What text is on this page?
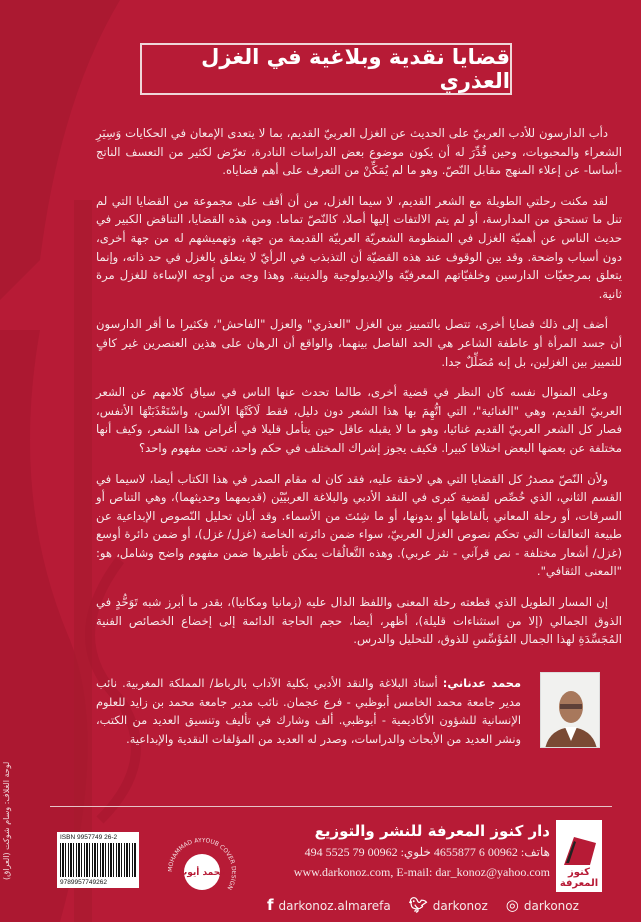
قضايا نقدية وبلاغية في الغزل العذري

دأب الدارسون للأدب العربيّ على الحديث عن الغزل العربيّ القديم، بما لا يتعدى الإمعان في الحكايات وَسِيَرِ الشعراء والمحبوبات، وحين قُدِّرَ له أن يكون موضوع بعض الدراسات النادرة، تعرّض لكثير من التعسف الناتج -أساسا- عن إعلاء المنهج مقابل النّصّ. وهو ما لم يُمَكِّنْ من التعرف على أهم قضاياه.

لقد مكنت رحلتي الطويلة مع الشعر القديم، لا سيما الغزل، من أن أقف على مجموعة من القضايا التي لم تنل ما تستحق من المدارسة، أو لم يتم الالتفات إليها أصلا، كالنّصّ تماما. ومن هذه القضايا، التناقض الكبير في حديث الناس عن أهميّة الغزل في المنظومة الشعريّة العربيّة القديمة من جهة، وتهميشهم له من جهة أخرى، دون أسباب واضحة. وقد بين الوقوف عند هذه القضيّة أن التذبذب في الرأيّ لا يتعلق بالغزل في حد ذاته، وإنما يتعلق بمرجعيّات الدارسين وخلفيّاتهم المعرفيّة والإيديولوجية والدينية. وهذا وجه من أوجه الإساءة للغزل مرة ثانية.

أضف إلى ذلك قضايا أخرى، تتصل بالتمييز بين الغزل "العذري" والعزل "الفاحش"، فكثيرا ما أقر الدارسون أن جسد المرأة أو عاطفة الشاعر هي الحد الفاصل بينهما، والواقع أن الرهان على هذين العنصرين غير كافٍ للتمييز بين الغزلين، بل إنه مُضَلِّلٌ جدا.

وعلى المنوال نفسه كان النظر في قضية أخرى، طالما تحدث عنها الناس في سياق كلامهم عن الشعر العربيّ القديم، وهي "الغنائية"، التي اتُّهِمَ بها هذا الشعر دون دليل، فقط لَاكَتْهَا الألسن، واسْتَعْذَبَتْهَا الأنفس، فصار كل الشعر العربيّ القديم غنائيا، وهو ما لا يقبله عاقل حين يتأمل قليلا في أغراض هذا الشعر، وكيف أنها مختلفة عن بعضها البعض اختلافا كبيرا. فكيف يجوز إشراك المختلف في حكم واحد، تحت مفهوم واحد؟

ولأن النّصّ مصدرُ كل القضايا التي هي لاحقة عليه، فقد كان له مقام الصدر في هذا الكتاب أيضا، لاسيما في القسم الثاني، الذي خُصِّص لقضية كبرى في النقد الأدبي والبلاغة العربيّيْن (قديمهما وحديثهما)، وهي التناص أو السرقات، أو رحلة المعاني بألفاظها أو بدونها، أو ما شِئتَ من الأسماء. وقد أبان تحليل النّصوص الإبداعية عن طبيعة التعالقات التي تحكم نصوص الغزل العربيّ، سواء ضمن دائرته الخاصة (غزل/ غزل)، أو ضمن دائرة أوسع (غزل/ أشعار مختلفة - نص قرآني - نثر عربي). وهذه التَّعالُقات يمكن تأطيرها ضمن مفهوم واضح وشامل، هو: "المعنى الثقافي".

إن المسار الطويل الذي قطعته رحلة المعنى واللفظ الدال عليه (زمانيا ومكانيا)، بقدر ما أبرز شبه تَوَحُّدٍ في الذوق الجمالي (إلا من استثناءات قليلة)، أظهر، أيضا، حجم الحاجة الدائمة إلى إخضاع الخصائص الفنية المُجَسِّدَةِ لهذا الجمال المُؤَسِّسِ للذوق، للتحليل والدرس.

محمد عدناني: أستاذ البلاغة والنقد الأدبي بكلية الآداب بالرباط/ المملكة المغربية. نائب مدير جامعة محمد الخامس أبوظبي - فرع عجمان. نائب مدير جامعة محمد بن زايد للعلوم الإنسانية للشؤون الأكاديمية - أبوظبي. ألف وشارك في تأليف وتنسيق العديد من الكتب، ونشر العديد من الأبحاث والدراسات، وصدر له العديد من المؤلفات النقدية والإبداعية.
كنوز
المعرفة
دار كنوز المعرفة للنشر والتوزيع
هاتف: 00962 6 4655877 خلوي: 00962 79 5525 494
www.darkonoz.com, E-mail: dar_konoz@yahoo.com
f darkonoz.almarefa 🐦︎ darkonoz ◎ darkonoz
OHAMMAD AYYOUB COVER IGN
محمد أيوب
ISBN 9957749 26-2
9789957749262
لوحة الغلاف: وسام شوكت (العراق)
